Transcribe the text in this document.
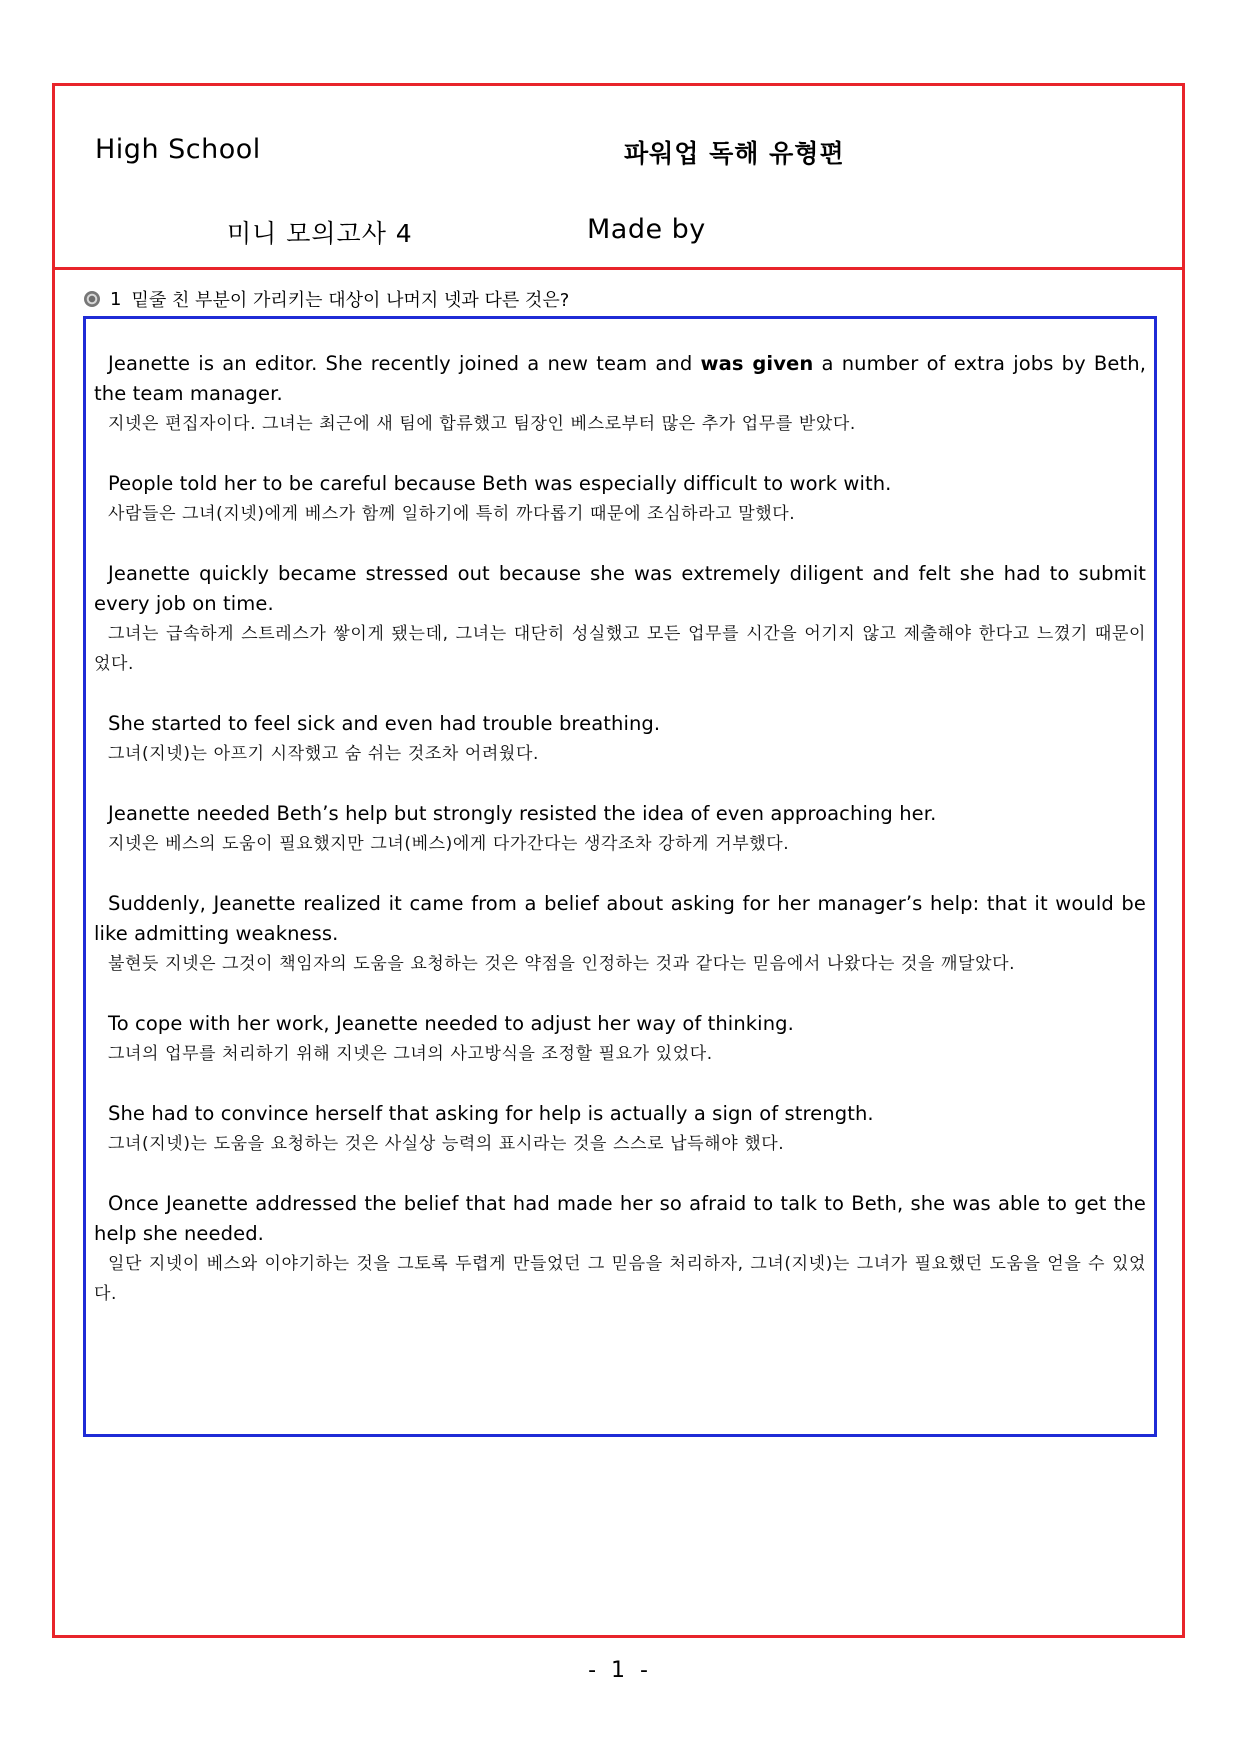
High School	파워업 독해 유형편
미니 모의고사 4	Made by
1 밑줄 친 부분이 가리키는 대상이 나머지 넷과 다른 것은?
Jeanette is an editor. She recently joined a new team and was given a number of extra jobs by Beth, the team manager.
지넷은 편집자이다. 그녀는 최근에 새 팀에 합류했고 팀장인 베스로부터 많은 추가 업무를 받았다.
People told her to be careful because Beth was especially difficult to work with.
사람들은 그녀(지넷)에게 베스가 함께 일하기에 특히 까다롭기 때문에 조심하라고 말했다.
Jeanette quickly became stressed out because she was extremely diligent and felt she had to submit every job on time.
그녀는 급속하게 스트레스가 쌓이게 됐는데, 그녀는 대단히 성실했고 모든 업무를 시간을 어기지 않고 제출해야 한다고 느꼈기 때문이었다.
She started to feel sick and even had trouble breathing.
그녀(지넷)는 아프기 시작했고 숨 쉬는 것조차 어려웠다.
Jeanette needed Beth’s help but strongly resisted the idea of even approaching her.
지넷은 베스의 도움이 필요했지만 그녀(베스)에게 다가간다는 생각조차 강하게 거부했다.
Suddenly, Jeanette realized it came from a belief about asking for her manager’s help: that it would be like admitting weakness.
불현듯 지넷은 그것이 책임자의 도움을 요청하는 것은 약점을 인정하는 것과 같다는 믿음에서 나왔다는 것을 깨달았다.
To cope with her work, Jeanette needed to adjust her way of thinking.
그녀의 업무를 처리하기 위해 지넷은 그녀의 사고방식을 조정할 필요가 있었다.
She had to convince herself that asking for help is actually a sign of strength.
그녀(지넷)는 도움을 요청하는 것은 사실상 능력의 표시라는 것을 스스로 납득해야 했다.
Once Jeanette addressed the belief that had made her so afraid to talk to Beth, she was able to get the help she needed.
일단 지넷이 베스와 이야기하는 것을 그토록 두렵게 만들었던 그 믿음을 처리하자, 그녀(지넷)는 그녀가 필요했던 도움을 얻을 수 있었다.
- 1 -
